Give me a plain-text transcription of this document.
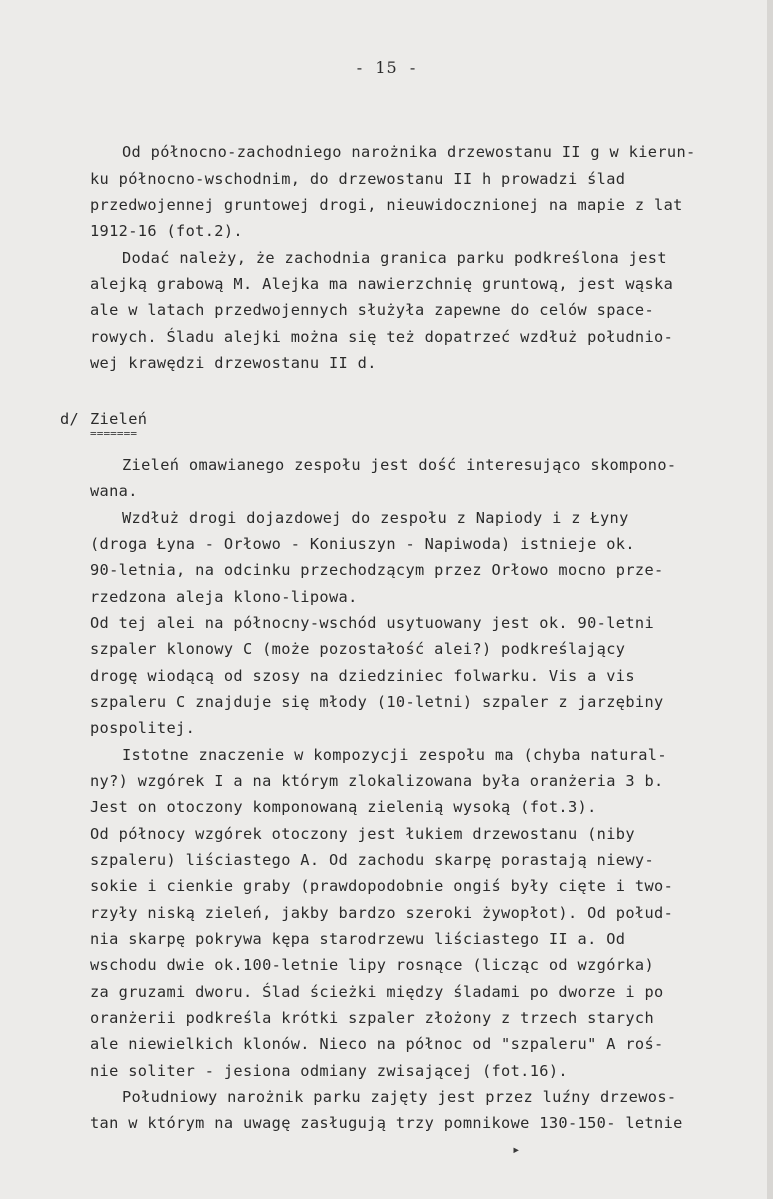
-  15  -
Od północno-zachodniego narożnika drzewostanu II g w kierun-
ku północno-wschodnim, do drzewostanu II h prowadzi ślad
przedwojennej gruntowej drogi, nieuwidocznionej na mapie z lat
1912-16 (fot.2).
Dodać należy, że zachodnia granica parku podkreślona jest
alejką grabową M. Alejka ma nawierzchnię gruntową, jest wąska
ale w latach przedwojennych służyła zapewne do celów space-
rowych. Śladu alejki można się też dopatrzeć wzdłuż południo-
wej krawędzi drzewostanu II d.
d/ Zieleń
=======
Zieleń omawianego zespołu jest dość interesująco skompono-
wana.
Wzdłuż drogi dojazdowej do zespołu z Napiody i z Łyny
(droga Łyna - Orłowo - Koniuszyn - Napiwoda) istnieje ok.
90-letnia, na odcinku przechodzącym przez Orłowo mocno prze-
rzedzona aleja klono-lipowa.
Od tej alei na północny-wschód usytuowany jest ok. 90-letni
szpaler klonowy C (może pozostałość alei?) podkreślający
drogę wiodącą od szosy na dziedziniec folwarku. Vis a vis
szpaleru C znajduje się młody (10-letni) szpaler z jarzębiny
pospolitej.
Istotne znaczenie w kompozycji zespołu ma (chyba natural-
ny?) wzgórek I a na którym zlokalizowana była oranżeria 3 b.
Jest on otoczony komponowaną zielenią wysoką (fot.3).
Od północy wzgórek otoczony jest łukiem drzewostanu (niby
szpaleru) liściastego A. Od zachodu skarpę porastają niewy-
sokie i cienkie graby (prawdopodobnie ongiś były cięte i two-
rzyły niską zieleń, jakby bardzo szeroki żywopłot). Od połud-
nia skarpę pokrywa kępa starodrzewu liściastego II a. Od
wschodu dwie ok.100-letnie lipy rosnące (licząc od wzgórka)
za gruzami dworu. Ślad ścieżki między śladami po dworze i po
oranżerii podkreśla krótki szpaler złożony z trzech starych
ale niewielkich klonów. Nieco na północ od "szpaleru" A roś-
nie soliter - jesiona odmiany zwisającej (fot.16).
Południowy narożnik parku zajęty jest przez luźny drzewos-
tan w którym na uwagę zasługują trzy pomnikowe 130-150- letnie
▸
